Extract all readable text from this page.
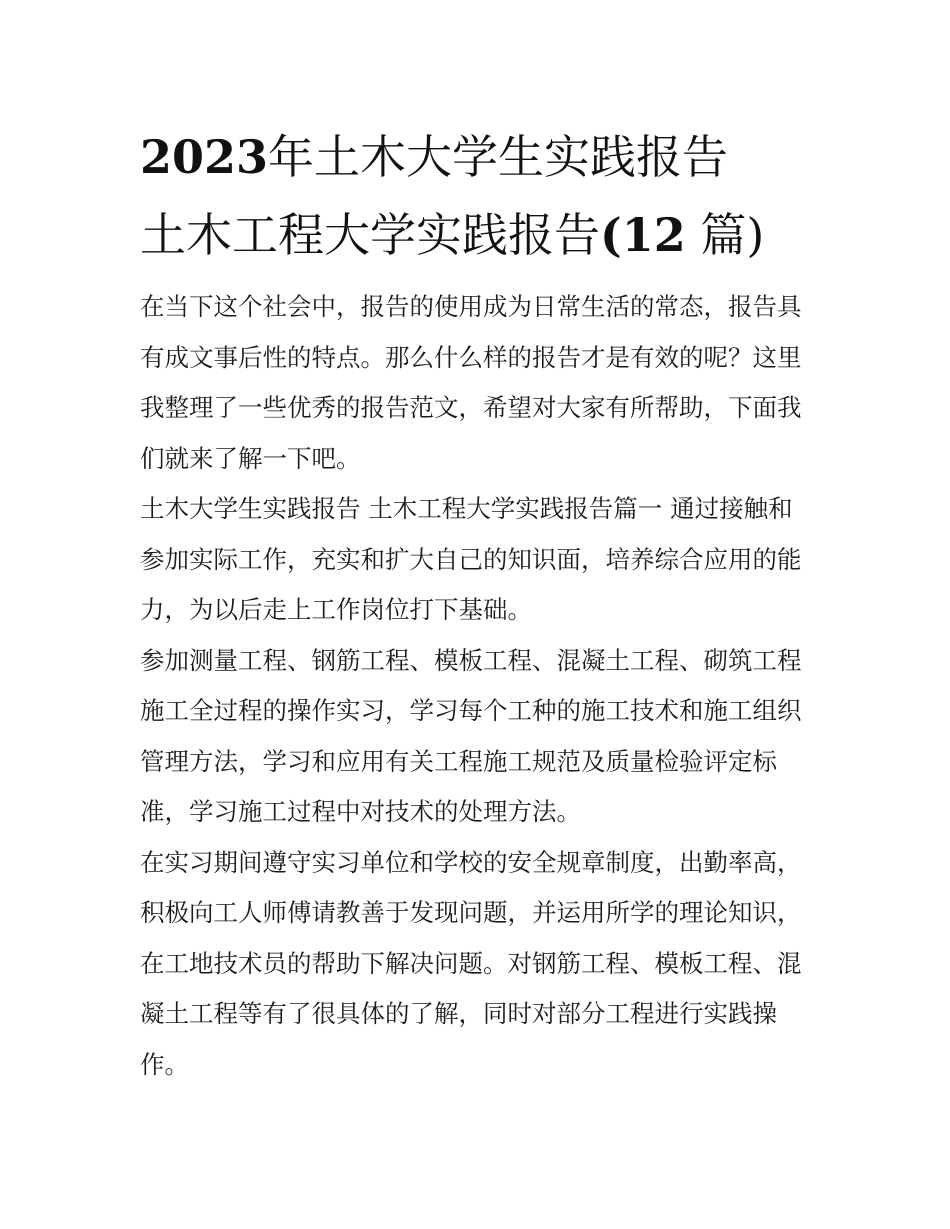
2023年土木大学生实践报告
土木工程大学实践报告(12 篇)

在当下这个社会中，报告的使用成为日常生活的常态，报告具有成文事后性的特点。那么什么样的报告才是有效的呢？这里我整理了一些优秀的报告范文，希望对大家有所帮助，下面我们就来了解一下吧。

土木大学生实践报告 土木工程大学实践报告篇一 通过接触和参加实际工作，充实和扩大自己的知识面，培养综合应用的能力，为以后走上工作岗位打下基础。

参加测量工程、钢筋工程、模板工程、混凝土工程、砌筑工程施工全过程的操作实习，学习每个工种的施工技术和施工组织管理方法，学习和应用有关工程施工规范及质量检验评定标准，学习施工过程中对技术的处理方法。

在实习期间遵守实习单位和学校的安全规章制度，出勤率高，积极向工人师傅请教善于发现问题，并运用所学的理论知识，在工地技术员的帮助下解决问题。对钢筋工程、模板工程、混凝土工程等有了很具体的了解，同时对部分工程进行实践操作。
